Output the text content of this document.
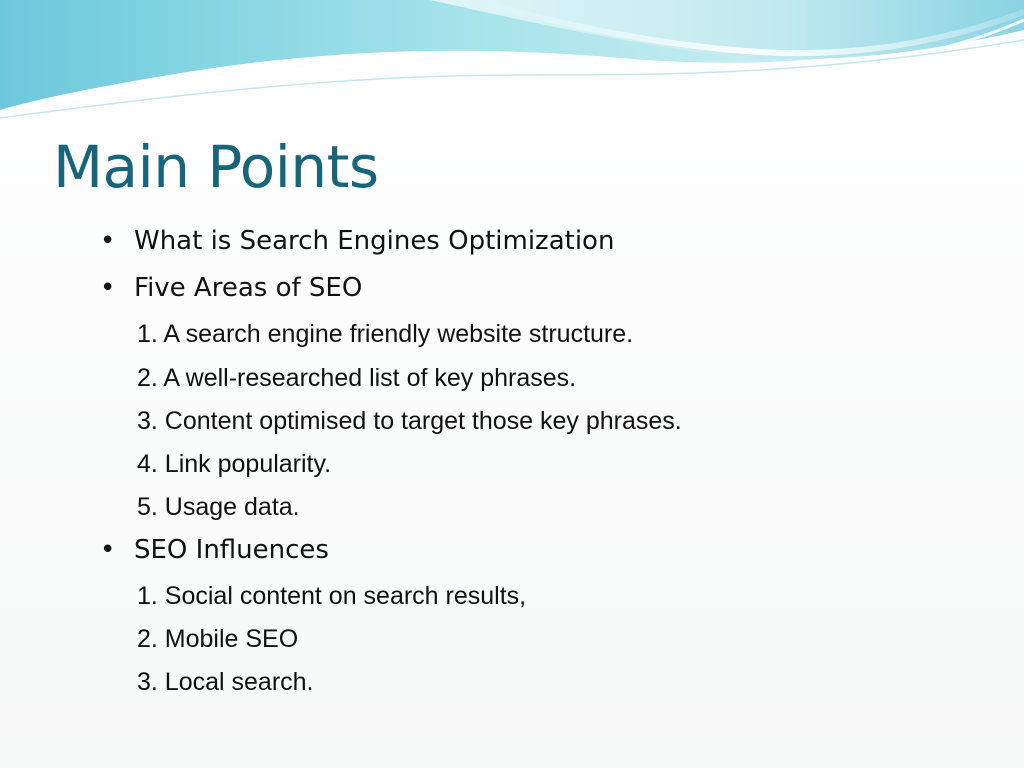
Main Points
• What is Search Engines Optimization
• Five Areas of SEO
1. A search engine friendly website structure.
2. A well-researched list of key phrases.
3. Content optimised to target those key phrases.
4. Link popularity.
5. Usage data.
• SEO Influences
1. Social content on search results,
2. Mobile SEO
3. Local search.
